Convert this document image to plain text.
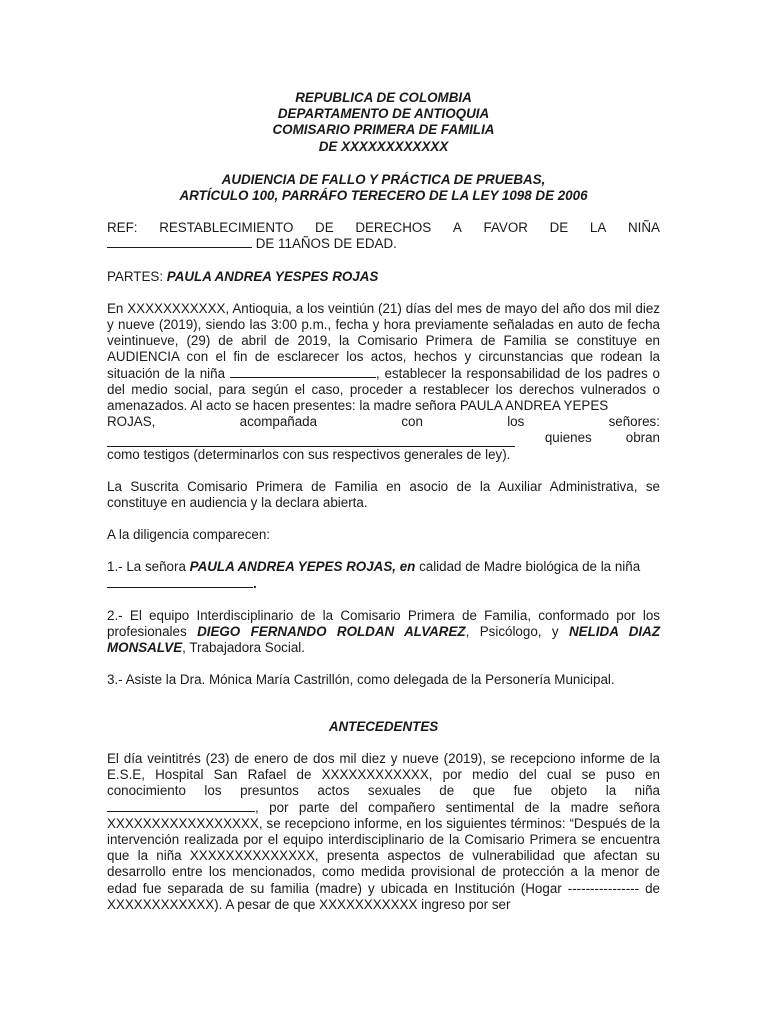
REPUBLICA DE COLOMBIA
DEPARTAMENTO DE ANTIOQUIA
COMISARIO PRIMERA DE FAMILIA
DE XXXXXXXXXXXX
AUDIENCIA DE FALLO Y PRÁCTICA DE PRUEBAS,
ARTÍCULO 100, PARRÁFO TERECERO DE LA LEY 1098 DE 2006
REF: RESTABLECIMIENTO DE DERECHOS A FAVOR DE LA NIÑA
DE 11AÑOS DE EDAD.
PARTES: PAULA ANDREA YESPES ROJAS
En XXXXXXXXXXX, Antioquia, a los veintiún (21) días del mes de mayo del año dos mil diez y nueve (2019), siendo las 3:00 p.m., fecha y hora previamente señaladas en auto de fecha veintinueve, (29) de abril de 2019, la Comisario Primera de Familia se constituye en AUDIENCIA con el fin de esclarecer los actos, hechos y circunstancias que rodean la situación de la niña	, establecer la responsabilidad de los padres o del medio social, para según el caso, proceder a restablecer los derechos vulnerados o amenazados. Al acto se hacen presentes: la madre señora PAULA ANDREA YEPES
ROJAS,	acompañada	con	los	señores:
quienes	obran
como testigos (determinarlos con sus respectivos generales de ley).
La Suscrita Comisario Primera de Familia en asocio de la Auxiliar Administrativa, se constituye en audiencia y la declara abierta.
A la diligencia comparecen:
1.- La señora PAULA ANDREA YEPES ROJAS, en calidad de Madre biológica de la niña
.
2.- El equipo Interdisciplinario de la Comisario Primera de Familia, conformado por los profesionales DIEGO FERNANDO ROLDAN ALVAREZ, Psicólogo, y NELIDA DIAZ MONSALVE, Trabajadora Social.
3.- Asiste la Dra. Mónica María Castrillón, como delegada de la Personería Municipal.
ANTECEDENTES
El día veintitrés (23) de enero de dos mil diez y nueve (2019), se recepciono informe de la E.S.E, Hospital San Rafael de XXXXXXXXXXXX, por medio del cual se puso en conocimiento los presuntos actos sexuales de que fue objeto la niña , por parte del compañero sentimental de la madre señora XXXXXXXXXXXXXXXXX, se recepciono informe, en los siguientes términos: “Después de la intervención realizada por el equipo interdisciplinario de la Comisario Primera se encuentra que la niña XXXXXXXXXXXXXX, presenta aspectos de vulnerabilidad que afectan su desarrollo entre los mencionados, como medida provisional de protección a la menor de edad fue separada de su familia (madre) y ubicada en Institución (Hogar ---------------- de XXXXXXXXXXXX). A pesar de que XXXXXXXXXXX ingreso por ser
